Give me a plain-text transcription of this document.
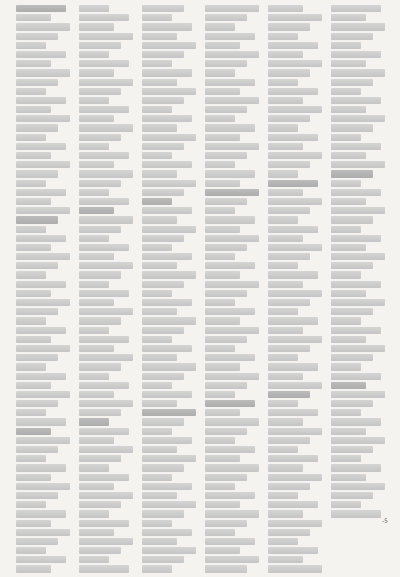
-5
